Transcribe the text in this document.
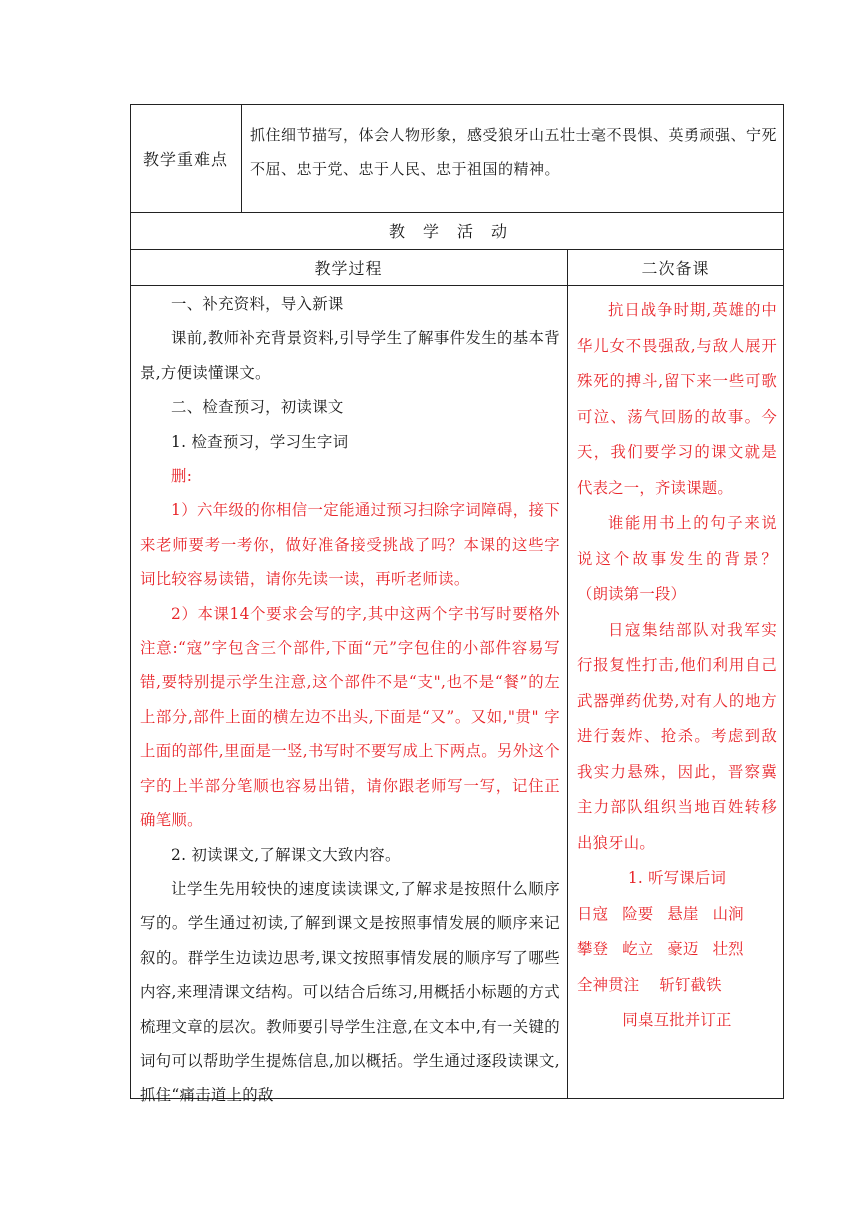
教学重难点
抓住细节描写，体会人物形象，感受狼牙山五壮士毫不畏惧、英勇顽强、宁死不屈、忠于党、忠于人民、忠于祖国的精神。
教学活动
教学过程	二次备课

一、补充资料，导入新课

课前,教师补充背景资料,引导学生了解事件发生的基本背景,方便读懂课文。

二、检查预习，初读课文

1. 检查预习，学习生字词

删:

1）六年级的你相信一定能通过预习扫除字词障碍，接下来老师要考一考你，做好准备接受挑战了吗？本课的这些字词比较容易读错，请你先读一读，再听老师读。

2）本课14个要求会写的字,其中这两个字书写时要格外注意:“寇”字包含三个部件,下面“元”字包住的小部件容易写错,要特别提示学生注意,这个部件不是“支",也不是“餐”的左上部分,部件上面的横左边不出头,下面是“又”。又如,"贯" 字上面的部件,里面是一竖,书写时不要写成上下两点。另外这个字的上半部分笔顺也容易出错，请你跟老师写一写，记住正确笔顺。

2. 初读课文,了解课文大致内容。

让学生先用较快的速度读读课文,了解求是按照什么顺序写的。学生通过初读,了解到课文是按照事情发展的顺序来记叙的。群学生边读边思考,课文按照事情发展的顺序写了哪些内容,来理清课文结构。可以结合后练习,用概括小标题的方式梳理文章的层次。教师要引导学生注意,在文本中,有一关键的词句可以帮助学生提炼信息,加以概括。学生通过逐段读课文,抓住“痛击道上的敌

抗日战争时期,英雄的中华儿女不畏强敌,与敌人展开殊死的搏斗,留下来一些可歌可泣、荡气回肠的故事。今天，我们要学习的课文就是代表之一，齐读课题。

谁能用书上的句子来说说这个故事发生的背景？（朗读第一段）

日寇集结部队对我军实行报复性打击,他们利用自己武器弹药优势,对有人的地方进行轰炸、抢杀。考虑到敌我实力悬殊，因此，晋察冀主力部队组织当地百姓转移出狼牙山。

1. 听写课后词

日寇 险要 悬崖 山涧

攀登 屹立 豪迈 壮烈

全神贯注 斩钉截铁

同桌互批并订正
